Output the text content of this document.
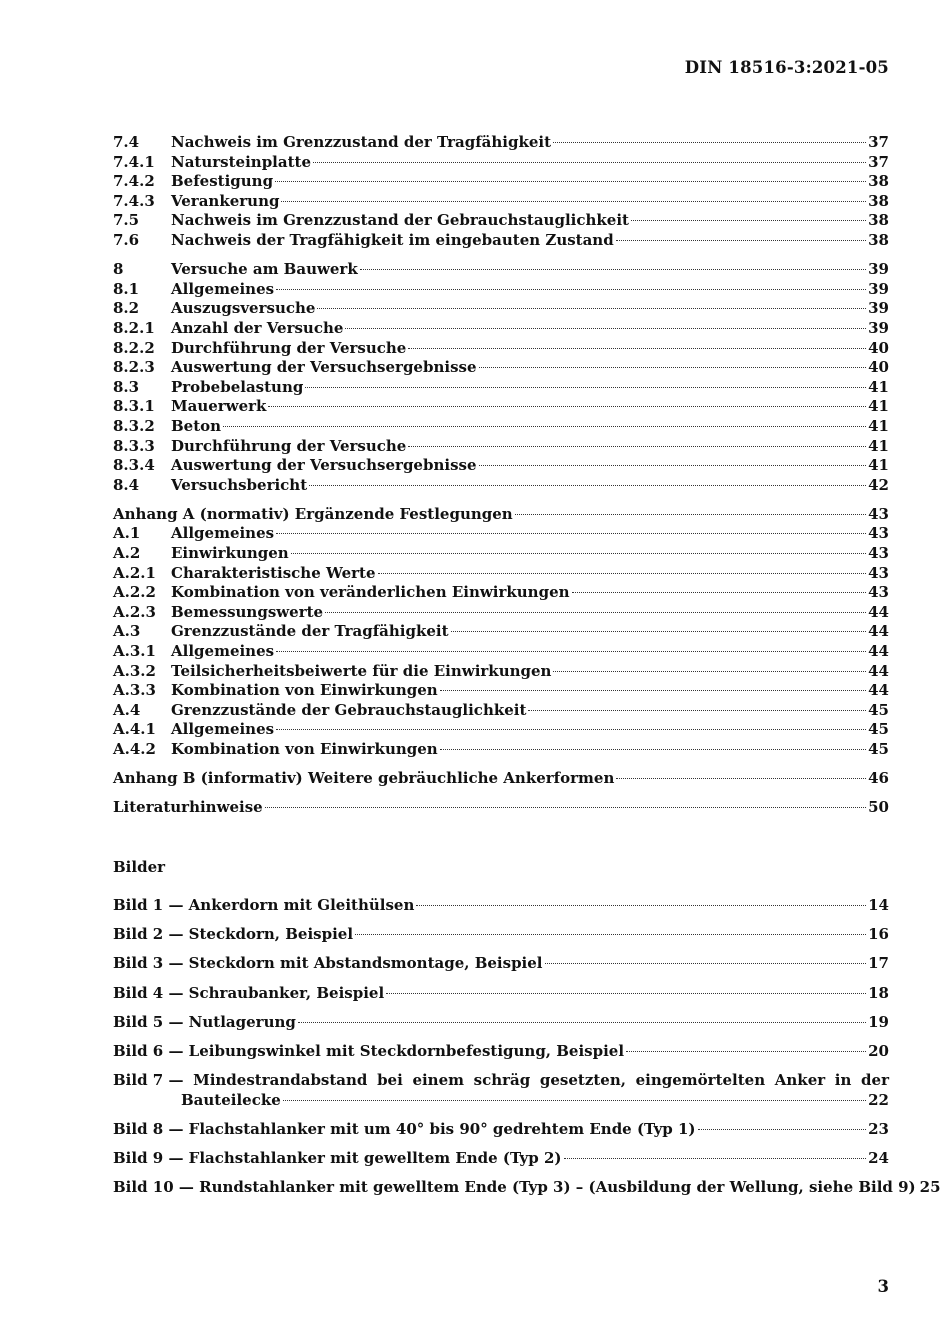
DIN 18516-3:2021-05
7.4	Nachweis im Grenzzustand der Tragfähigkeit	37
7.4.1	Natursteinplatte	37
7.4.2	Befestigung	38
7.4.3	Verankerung	38
7.5	Nachweis im Grenzzustand der Gebrauchstauglichkeit	38
7.6	Nachweis der Tragfähigkeit im eingebauten Zustand	38
8	Versuche am Bauwerk	39
8.1	Allgemeines	39
8.2	Auszugsversuche	39
8.2.1	Anzahl der Versuche	39
8.2.2	Durchführung der Versuche	40
8.2.3	Auswertung der Versuchsergebnisse	40
8.3	Probebelastung	41
8.3.1	Mauerwerk	41
8.3.2	Beton	41
8.3.3	Durchführung der Versuche	41
8.3.4	Auswertung der Versuchsergebnisse	41
8.4	Versuchsbericht	42
Anhang A (normativ) Ergänzende Festlegungen	43
A.1	Allgemeines	43
A.2	Einwirkungen	43
A.2.1	Charakteristische Werte	43
A.2.2	Kombination von veränderlichen Einwirkungen	43
A.2.3	Bemessungswerte	44
A.3	Grenzzustände der Tragfähigkeit	44
A.3.1	Allgemeines	44
A.3.2	Teilsicherheitsbeiwerte für die Einwirkungen	44
A.3.3	Kombination von Einwirkungen	44
A.4	Grenzzustände der Gebrauchstauglichkeit	45
A.4.1	Allgemeines	45
A.4.2	Kombination von Einwirkungen	45
Anhang B (informativ) Weitere gebräuchliche Ankerformen	46
Literaturhinweise	50
Bilder
Bild 1 — Ankerdorn mit Gleithülsen	14
Bild 2 — Steckdorn, Beispiel	16
Bild 3 — Steckdorn mit Abstandsmontage, Beispiel	17
Bild 4 — Schraubanker, Beispiel	18
Bild 5 — Nutlagerung	19
Bild 6 — Leibungswinkel mit Steckdornbefestigung, Beispiel	20
Bild 7 — Mindestrandabstand bei einem schräg gesetzten, eingemörtelten Anker in der
Bauteilecke	22
Bild 8 — Flachstahlanker mit um 40° bis 90° gedrehtem Ende (Typ 1)	23
Bild 9 — Flachstahlanker mit gewelltem Ende (Typ 2)	24
Bild 10 — Rundstahlanker mit gewelltem Ende (Typ 3) – (Ausbildung der Wellung, siehe Bild 9) 25
3
